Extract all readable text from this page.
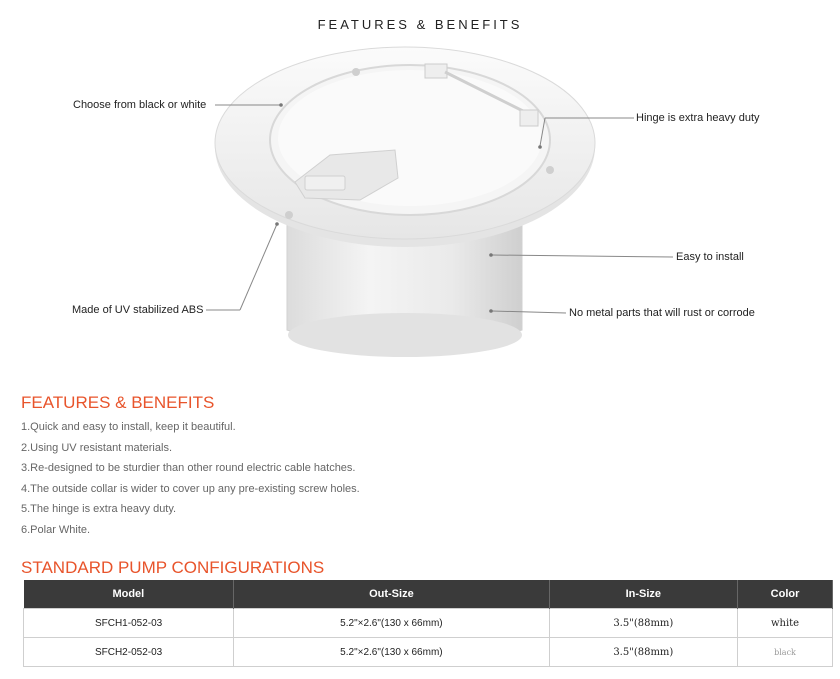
FEATURES & BENEFITS
Choose from black or white
Hinge is extra heavy duty
Easy to install
Made of UV stabilized ABS	No metal parts that will rust or corrode
FEATURES & BENEFITS
1.Quick and easy to install, keep it beautiful.
2.Using UV resistant materials.
3.Re-designed to be sturdier than other round electric cable hatches.
4.The outside collar is wider to cover up any pre-existing screw holes.
5.The hinge is extra heavy duty.
6.Polar White.
STANDARD PUMP CONFIGURATIONS
Model	Out-Size	In-Size	Color
SFCH1-052-03	5.2"×2.6"(130 x 66mm)	3.5"(88mm)	white
SFCH2-052-03	5.2"×2.6"(130 x 66mm)	3.5"(88mm)	black
